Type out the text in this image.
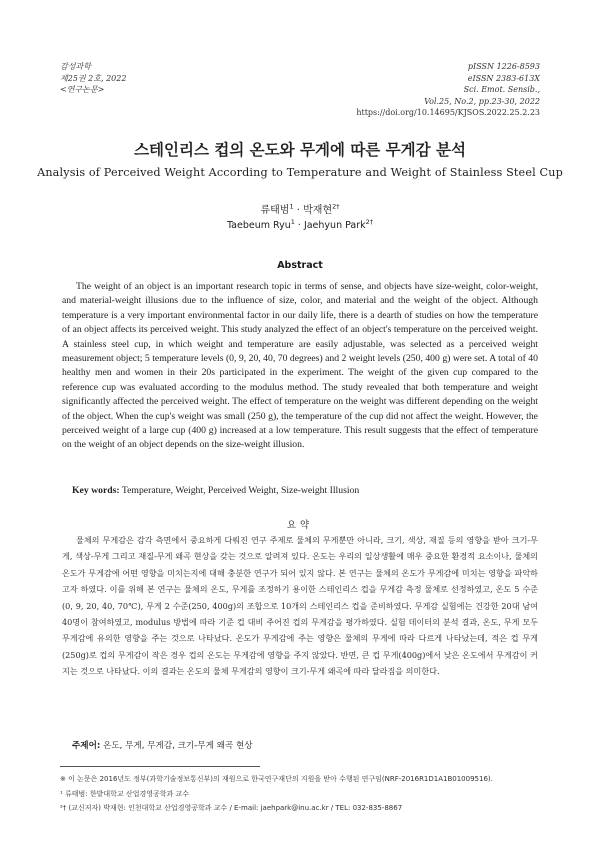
감성과학
제25권 2호, 2022
<연구논문>
pISSN 1226-8593
eISSN 2383-613X
Sci. Emot. Sensib.,
Vol.25, No.2, pp.23-30, 2022
https://doi.org/10.14695/KJSOS.2022.25.2.23
스테인리스 컵의 온도와 무게에 따른 무게감 분석
Analysis of Perceived Weight According to Temperature and Weight of Stainless Steel Cup
류태범$^1$ · 박재현$^{2\dagger}$
Taebeum Ryu$^1$ · Jaehyun Park$^{2\dagger}$
Abstract

The weight of an object is an important research topic in terms of sense, and objects have size-weight, color-weight, and material-weight illusions due to the influence of size, color, and material and the weight of the object. Although temperature is a very important environmental factor in our daily life, there is a dearth of studies on how the temperature of an object affects its perceived weight. This study analyzed the effect of an object's temperature on the perceived weight. A stainless steel cup, in which weight and temperature are easily adjustable, was selected as a perceived weight measurement object; 5 temperature levels (0, 9, 20, 40, 70 degrees) and 2 weight levels (250, 400 g) were set. A total of 40 healthy men and women in their 20s participated in the experiment. The weight of the given cup compared to the reference cup was evaluated according to the modulus method. The study revealed that both temperature and weight significantly affected the perceived weight. The effect of temperature on the weight was different depending on the weight of the object. When the cup's weight was small (250 g), the temperature of the cup did not affect the weight. However, the perceived weight of a large cup (400 g) increased at a low temperature. This result suggests that the effect of temperature on the weight of an object depends on the size-weight illusion.

Key words: Temperature, Weight, Perceived Weight, Size-weight Illusion

요약

물체의 무게감은 감각 측면에서 중요하게 다뤄진 연구 주제로 물체의 무게뿐만 아니라, 크기, 색상, 재질 등의 영향을 받아 크기-무게, 색상-무게 그리고 재질-무게 왜곡 현상을 갖는 것으로 알려져 있다. 온도는 우리의 일상생활에 매우 중요한 환경적 요소이나, 물체의 온도가 무게감에 어떤 영향을 미치는지에 대해 충분한 연구가 되어 있지 않다. 본 연구는 물체의 온도가 무게감에 미치는 영향을 파악하고자 하였다. 이를 위해 본 연구는 물체의 온도, 무게를 조정하기 용이한 스테인리스 컵을 무게감 측정 물체로 선정하였고, 온도 5 수준(0, 9, 20, 40, 70℃), 무게 2 수준(250, 400g)의 조합으로 10개의 스테인리스 컵을 준비하였다. 무게감 실험에는 건강한 20대 남여 40명이 참여하였고, modulus 방법에 따라 기준 컵 대비 주어진 컵의 무게감을 평가하였다. 실험 데이터의 분석 결과, 온도, 무게 모두 무게감에 유의한 영향을 주는 것으로 나타났다. 온도가 무게감에 주는 영향은 물체의 무게에 따라 다르게 나타났는데, 적은 컵 무게(250g)로 컵의 무게감이 작은 경우 컵의 온도는 무게감에 영향을 주지 않았다. 반면, 큰 컵 무게(400g)에서 낮은 온도에서 무게감이 커지는 것으로 나타났다. 이의 결과는 온도의 물체 무게감의 영향이 크기-무게 왜곡에 따라 달라짐을 의미한다.

주제어: 온도, 무게, 무게감, 크기-무게 왜곡 현상

※ 이 논문은 2016년도 정부(과학기술정보통신부)의 재원으로 한국연구재단의 지원을 받아 수행된 연구임(NRF-2016R1D1A1B01009516).
¹ 류태범: 한밭대학교 산업경영공학과 교수
²† (교신저자) 박재현: 인천대학교 산업경영공학과 교수 / E-mail: jaehpark@inu.ac.kr / TEL: 032-835-8867
